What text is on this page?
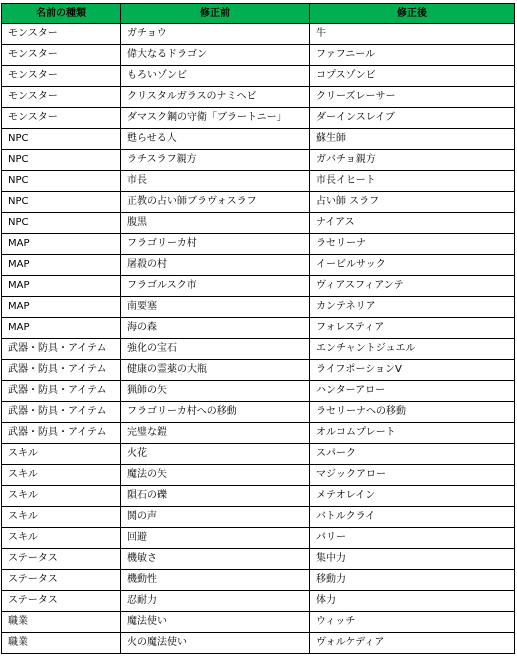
名前の種類	修正前	修正後
モンスター	ガチョウ	牛
モンスター	偉大なるドラゴン	ファフニール
モンスター	もろいゾンビ	コプスゾンビ
モンスター	クリスタルガラスのナミヘビ	クリーズレーサー
モンスター	ダマスク鋼の守衛「ブラートニー」	ダーインスレイブ
NPC	甦らせる人	蘇生師
NPC	ラチスラフ親方	ガバチョ親方
NPC	市長	市長イヒート
NPC	正教の占い師ブラヴォスラフ	占い師 スラフ
NPC	腹黒	ナイアス
MAP	フラゴリーカ村	ラセリーナ
MAP	屠殺の村	イービルサック
MAP	フラゴルスク市	ヴィアスフィアンテ
MAP	南要塞	カンテネリア
MAP	海の森	フォレスティア
武器・防具・アイテム	強化の宝石	エンチャントジュエル
武器・防具・アイテム	健康の霊薬の大瓶	ライフポーションV
武器・防具・アイテム	猟師の矢	ハンターアロー
武器・防具・アイテム	フラゴリーカ村への移動	ラセリーナへの移動
武器・防具・アイテム	完璧な鎧	オルコムプレート
スキル	火花	スパーク
スキル	魔法の矢	マジックアロー
スキル	隕石の礫	メテオレイン
スキル	鬨の声	バトルクライ
スキル	回避	パリー
ステータス	機敏さ	集中力
ステータス	機動性	移動力
ステータス	忍耐力	体力
職業	魔法使い	ウィッチ
職業	火の魔法使い	ヴォルケディア
